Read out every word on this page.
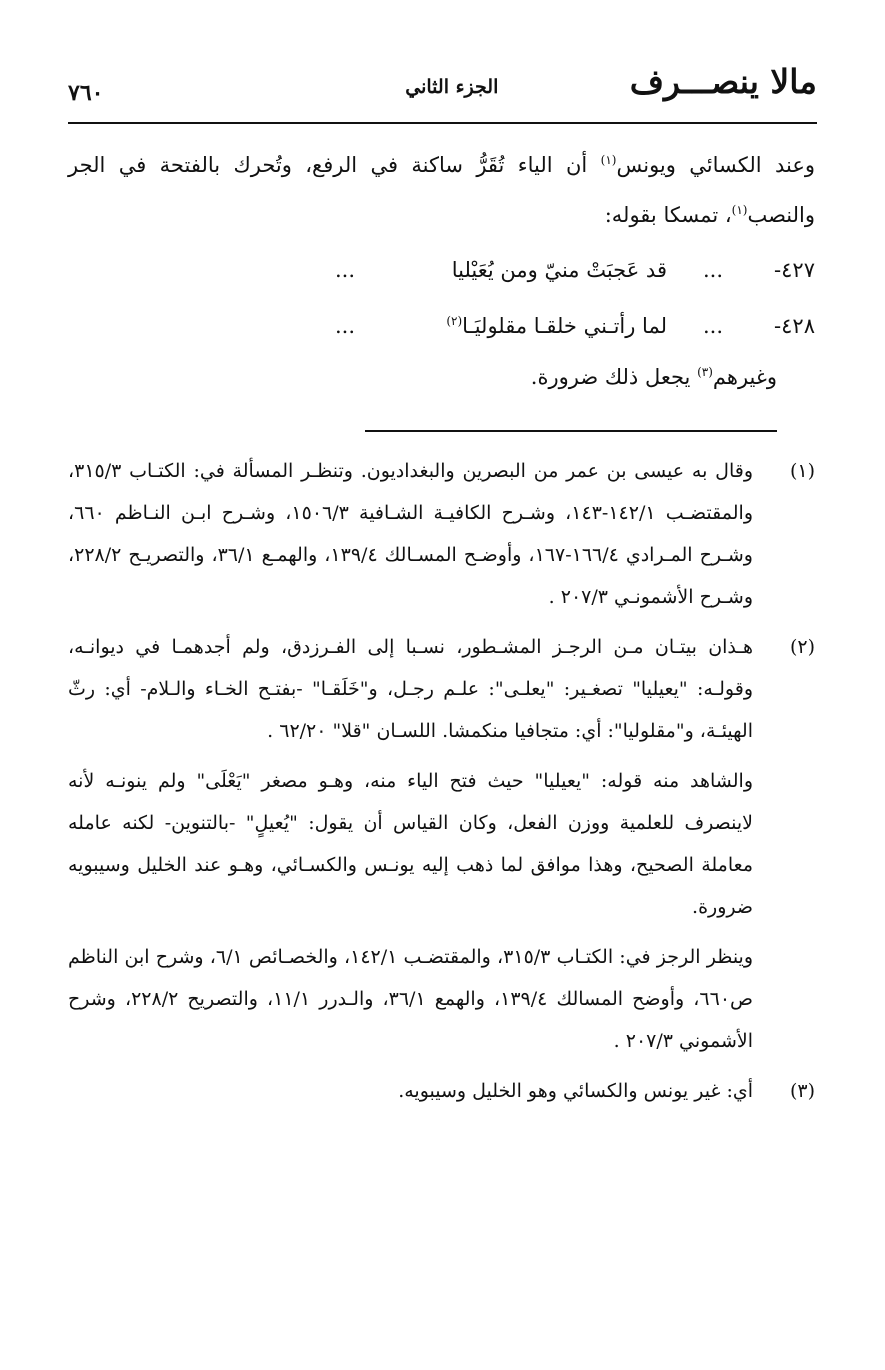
مالا ينصـــرف
الجزء الثاني
٧٦٠

وعند الكسائي ويونس$^{(١)}$ أن الياء تُقَرُّ ساكنة في الرفع، وتُحرك بالفتحة في الجر والنصب$^{(١)}$، تمسكا بقوله:

٤٢٧-
...
قد عَجبَتْ منيّ ومن يُعَيْليا
...
٤٢٨-
...
لما رأتـني خلقـا مقلوليَـا$^{(٢)}$
...
وغيرهم$^{(٣)}$ يجعل ذلك ضرورة.
(١)

وقال به عيسى بن عمر من البصرين والبغداديون. وتنظـر المسألة في: الكتـاب ٣١٥/٣، والمقتضـب ١٤٢/١-١٤٣، وشـرح الكافيـة الشـافية ١٥٠٦/٣، وشـرح ابـن النـاظم ٦٦٠، وشـرح المـرادي ١٦٦/٤-١٦٧، وأوضـح المسـالك ١٣٩/٤، والهمـع ٣٦/١، والتصريـح ٢٢٨/٢، وشـرح الأشمونـي ٢٠٧/٣ .

(٢)

هـذان بيتـان مـن الرجـز المشـطور، نسـبا إلى الفـرزدق، ولم أجدهمـا في ديوانـه، وقولـه: "يعيليا" تصغـير: "يعلـى": علـم رجـل، و"خَلَقـا" -بفتـح الخـاء والـلام- أي: رثّ الهيئـة، و"مقلوليا": أي: متجافيا منكمشا. اللسـان "قلا" ٦٢/٢٠ .

والشاهد منه قوله: "يعيليا" حيث فتح الياء منه، وهـو مصغر "يَعْلَى" ولم ينونـه لأنه لاينصرف للعلمية ووزن الفعل، وكان القياس أن يقول: "يُعيلٍ" -بالتنوين- لكنه عامله معاملة الصحيح، وهذا موافق لما ذهب إليه يونـس والكسـائي، وهـو عند الخليل وسيبويه ضرورة.

وينظر الرجز في: الكتـاب ٣١٥/٣، والمقتضـب ١٤٢/١، والخصـائص ٦/١، وشرح ابن الناظم ص٦٦٠، وأوضح المسالك ١٣٩/٤، والهمع ٣٦/١، والـدرر ١١/١، والتصريح ٢٢٨/٢، وشرح الأشموني ٢٠٧/٣ .

(٣)

أي: غير يونس والكسائي وهو الخليل وسيبويه.
